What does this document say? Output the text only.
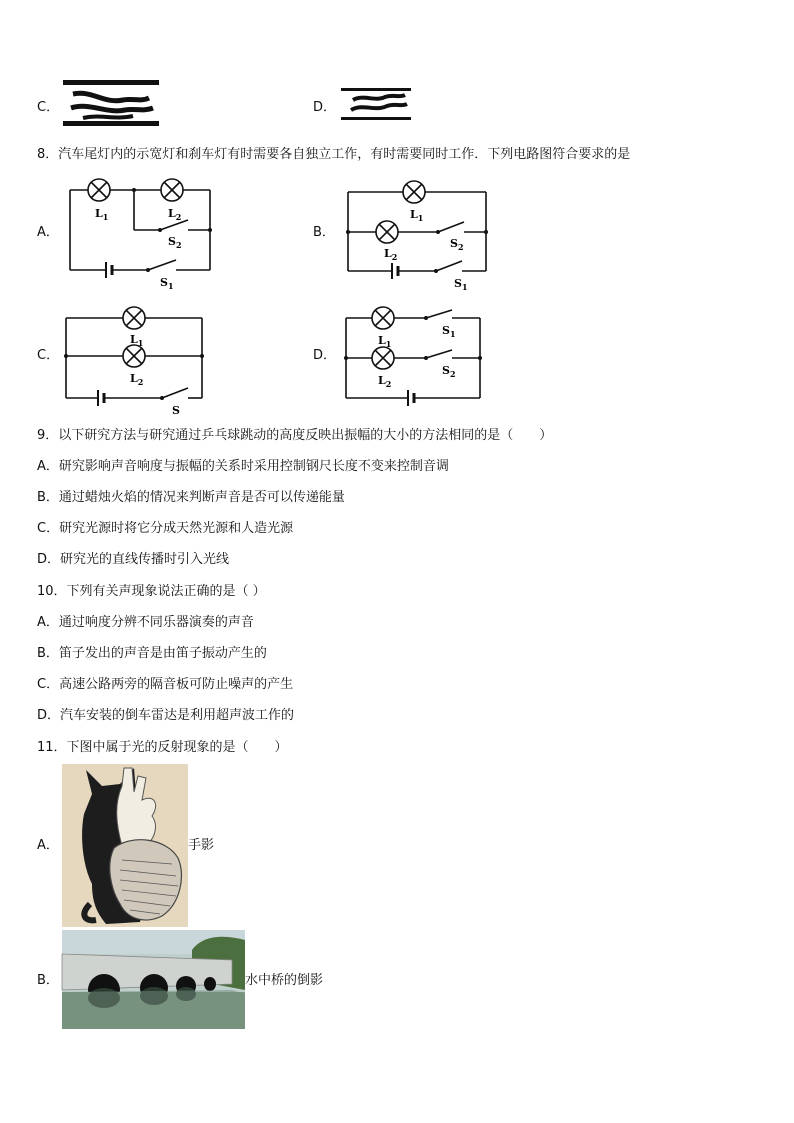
C．	D．
8．汽车尾灯内的示宽灯和刹车灯有时需要各自独立工作，有时需要同时工作．下列电路图符合要求的是
A．
$L_1$	$L_2$
$S_2$
$S_1$
B．
$L_1$
$L_2$
$S_2$
$S_1$
C．
$L_1$
$L_2$
S
D．
$L_1$
$L_2$
$S_1$
$S_2$
9．以下研究方法与研究通过乒乓球跳动的高度反映出振幅的大小的方法相同的是（　　）
A．研究影响声音响度与振幅的关系时采用控制钢尺长度不变来控制音调
B．通过蜡烛火焰的情况来判断声音是否可以传递能量
C．研究光源时将它分成天然光源和人造光源
D．研究光的直线传播时引入光线
10．下列有关声现象说法正确的是（ ）
A．通过响度分辨不同乐器演奏的声音
B．笛子发出的声音是由笛子振动产生的
C．高速公路两旁的隔音板可防止噪声的产生
D．汽车安装的倒车雷达是利用超声波工作的
11．下图中属于光的反射现象的是（　　）
A．	手影
B．	水中桥的倒影
